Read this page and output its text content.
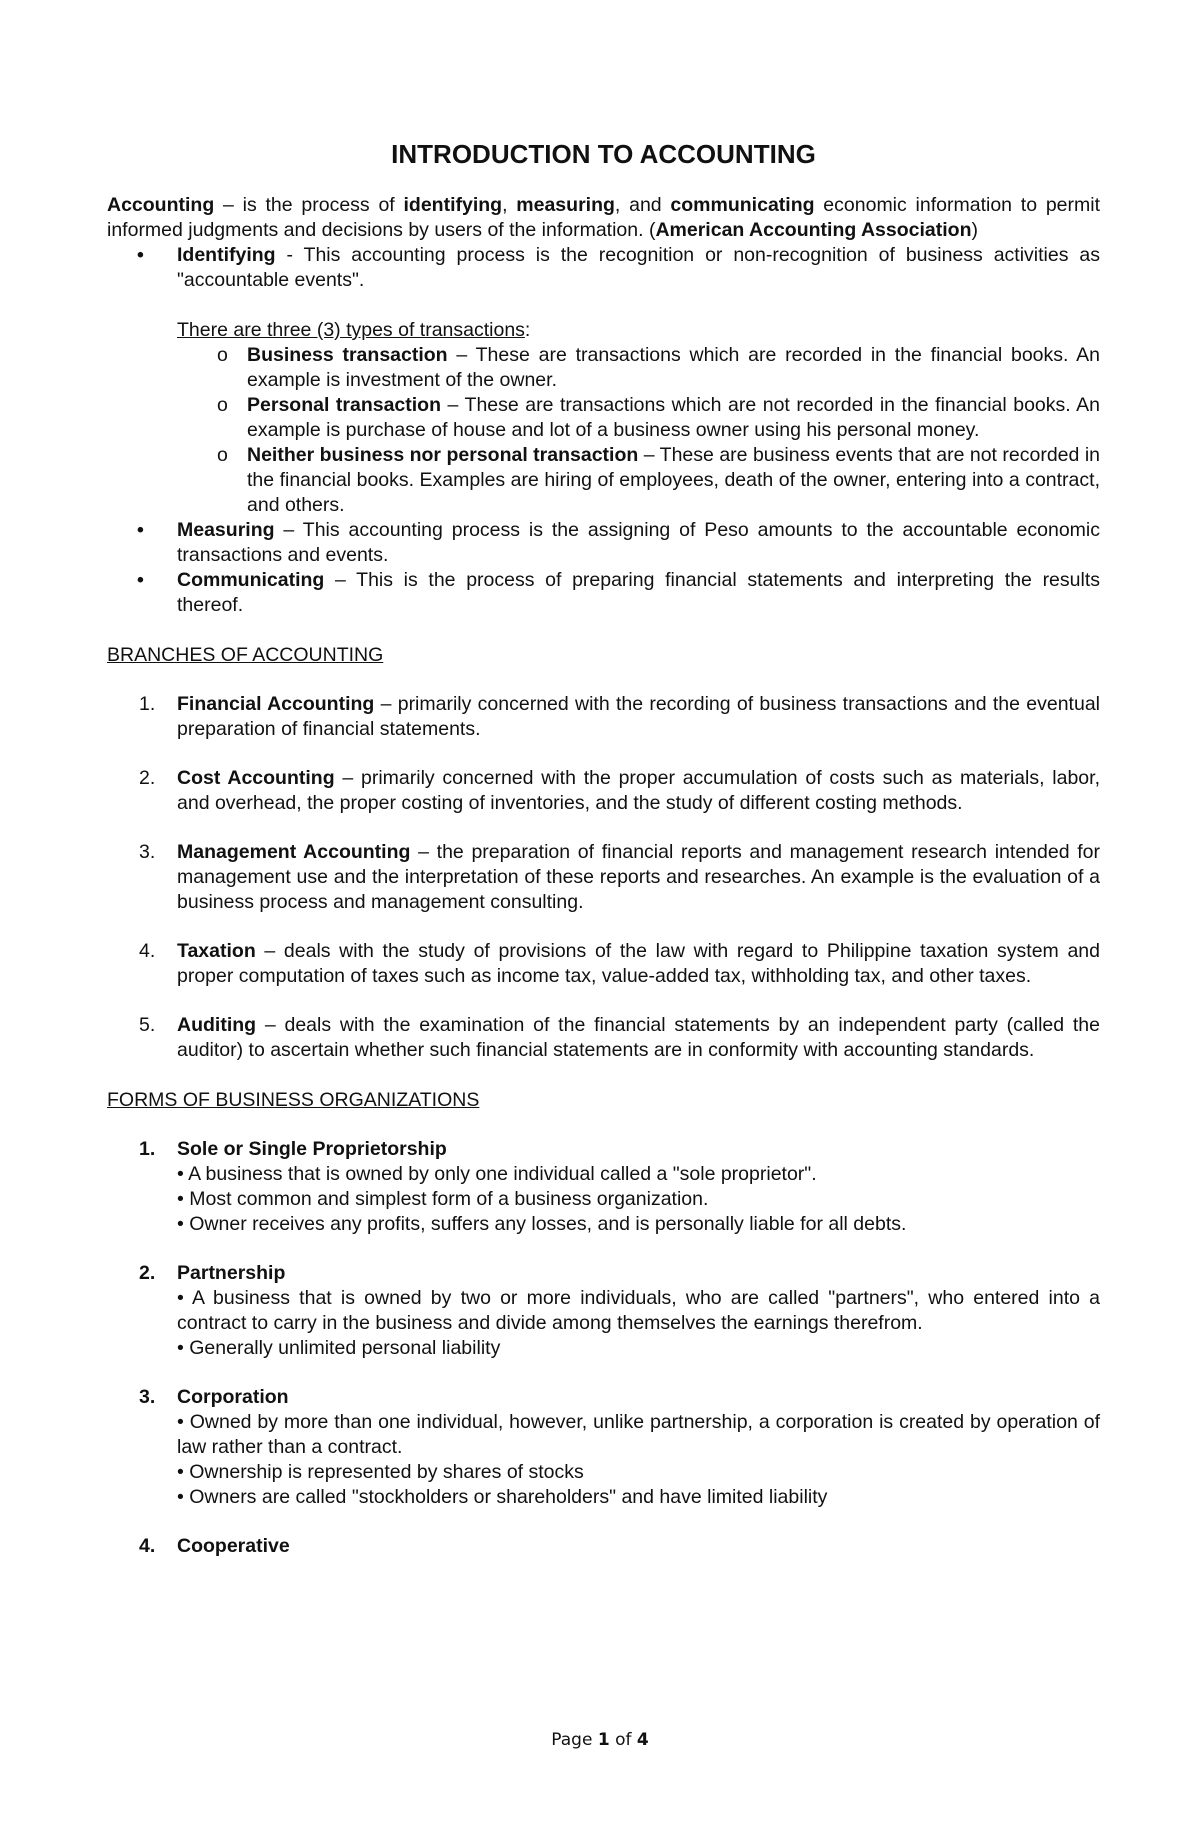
INTRODUCTION TO ACCOUNTING

Accounting – is the process of identifying, measuring, and communicating economic information to permit informed judgments and decisions by users of the information. (American Accounting Association)

• Identifying - This accounting process is the recognition or non-recognition of business activities as "accountable events".

There are three (3) types of transactions:

o Business transaction – These are transactions which are recorded in the financial books. An example is investment of the owner.

o Personal transaction – These are transactions which are not recorded in the financial books. An example is purchase of house and lot of a business owner using his personal money.

o Neither business nor personal transaction – These are business events that are not recorded in the financial books. Examples are hiring of employees, death of the owner, entering into a contract, and others.

• Measuring – This accounting process is the assigning of Peso amounts to the accountable economic transactions and events.

• Communicating – This is the process of preparing financial statements and interpreting the results thereof.

BRANCHES OF ACCOUNTING

1. Financial Accounting – primarily concerned with the recording of business transactions and the eventual preparation of financial statements.

2. Cost Accounting – primarily concerned with the proper accumulation of costs such as materials, labor, and overhead, the proper costing of inventories, and the study of different costing methods.

3. Management Accounting – the preparation of financial reports and management research intended for management use and the interpretation of these reports and researches. An example is the evaluation of a business process and management consulting.

4. Taxation – deals with the study of provisions of the law with regard to Philippine taxation system and proper computation of taxes such as income tax, value-added tax, withholding tax, and other taxes.

5. Auditing – deals with the examination of the financial statements by an independent party (called the auditor) to ascertain whether such financial statements are in conformity with accounting standards.

FORMS OF BUSINESS ORGANIZATIONS

1. Sole or Single Proprietorship

• A business that is owned by only one individual called a "sole proprietor".

• Most common and simplest form of a business organization.

• Owner receives any profits, suffers any losses, and is personally liable for all debts.

2. Partnership

• A business that is owned by two or more individuals, who are called "partners", who entered into a contract to carry in the business and divide among themselves the earnings therefrom.

• Generally unlimited personal liability

3. Corporation

• Owned by more than one individual, however, unlike partnership, a corporation is created by operation of law rather than a contract.

• Ownership is represented by shares of stocks

• Owners are called "stockholders or shareholders" and have limited liability

4. Cooperative

Page 1 of 4
